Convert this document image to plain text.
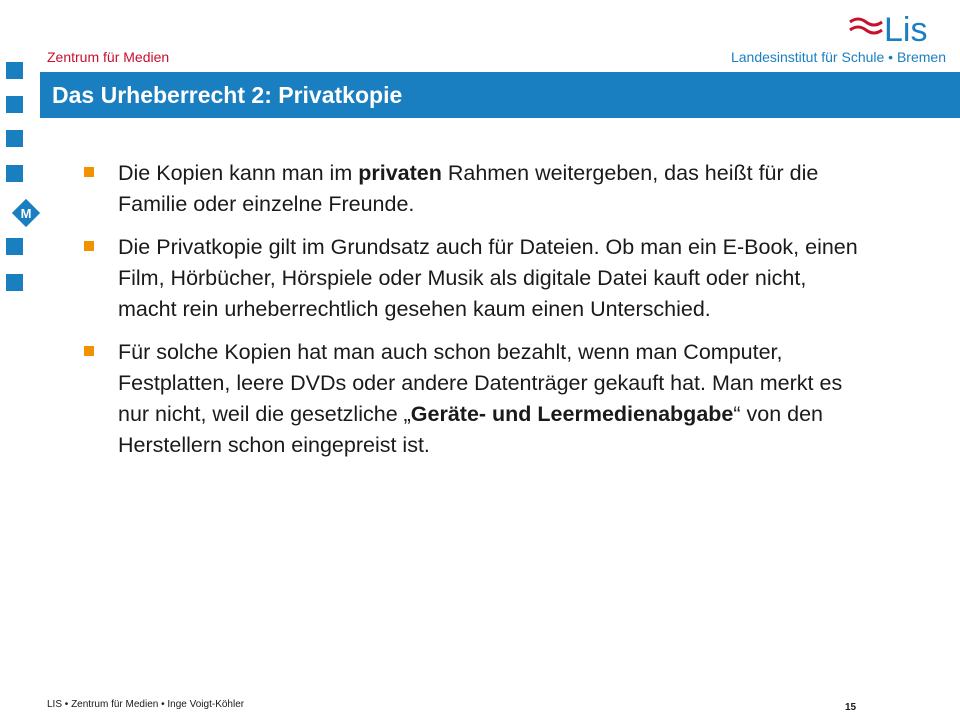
Zentrum für Medien	Landesinstitut für Schule • Bremen
Lis
M
Das Urheberrecht 2: Privatkopie
Die Kopien kann man im privaten Rahmen weitergeben, das heißt für die Familie oder einzelne Freunde.
Die Privatkopie gilt im Grundsatz auch für Dateien. Ob man ein E-Book, einen Film, Hörbücher, Hörspiele oder Musik als digitale Datei kauft oder nicht, macht rein urheberrechtlich gesehen kaum einen Unterschied.
Für solche Kopien hat man auch schon bezahlt, wenn man Computer, Festplatten, leere DVDs oder andere Datenträger gekauft hat. Man merkt es nur nicht, weil die gesetzliche „Geräte- und Leermedienabgabe“ von den Herstellern schon eingepreist ist.
LIS • Zentrum für Medien • Inge Voigt-Köhler	15
